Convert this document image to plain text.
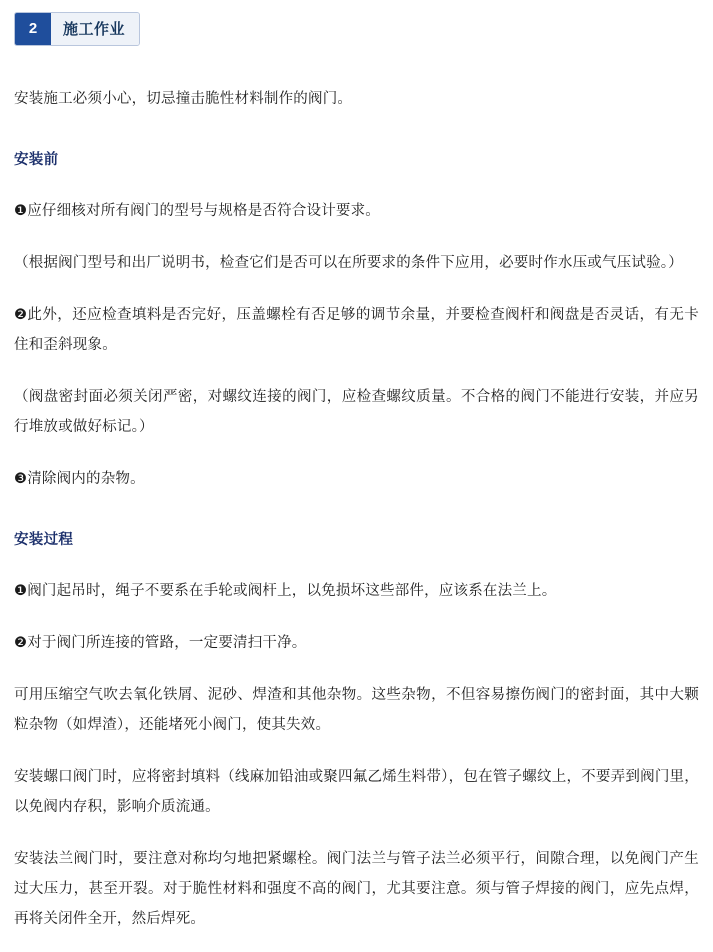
2	施工作业

安装施工必须小心，切忌撞击脆性材料制作的阀门。

安装前

❶应仔细核对所有阀门的型号与规格是否符合设计要求。

（根据阀门型号和出厂说明书，检查它们是否可以在所要求的条件下应用，必要时作水压或气压试验。）

❷此外，还应检查填料是否完好，压盖螺栓有否足够的调节余量，并要检查阀杆和阀盘是否灵话，有无卡住和歪斜现象。

（阀盘密封面必须关闭严密，对螺纹连接的阀门，应检查螺纹质量。不合格的阀门不能进行安装，并应另行堆放或做好标记。）

❸清除阀内的杂物。

安装过程

❶阀门起吊时，绳子不要系在手轮或阀杆上，以免损坏这些部件，应该系在法兰上。

❷对于阀门所连接的管路，一定要清扫干净。

可用压缩空气吹去氧化铁屑、泥砂、焊渣和其他杂物。这些杂物，不但容易擦伤阀门的密封面，其中大颗粒杂物（如焊渣），还能堵死小阀门，使其失效。

安装螺口阀门时，应将密封填料（线麻加铅油或聚四氟乙烯生料带），包在管子螺纹上，不要弄到阀门里，以免阀内存积，影响介质流通。

安装法兰阀门时，要注意对称均匀地把紧螺栓。阀门法兰与管子法兰必须平行，间隙合理，以免阀门产生过大压力，甚至开裂。对于脆性材料和强度不高的阀门，尤其要注意。须与管子焊接的阀门，应先点焊，再将关闭件全开，然后焊死。
